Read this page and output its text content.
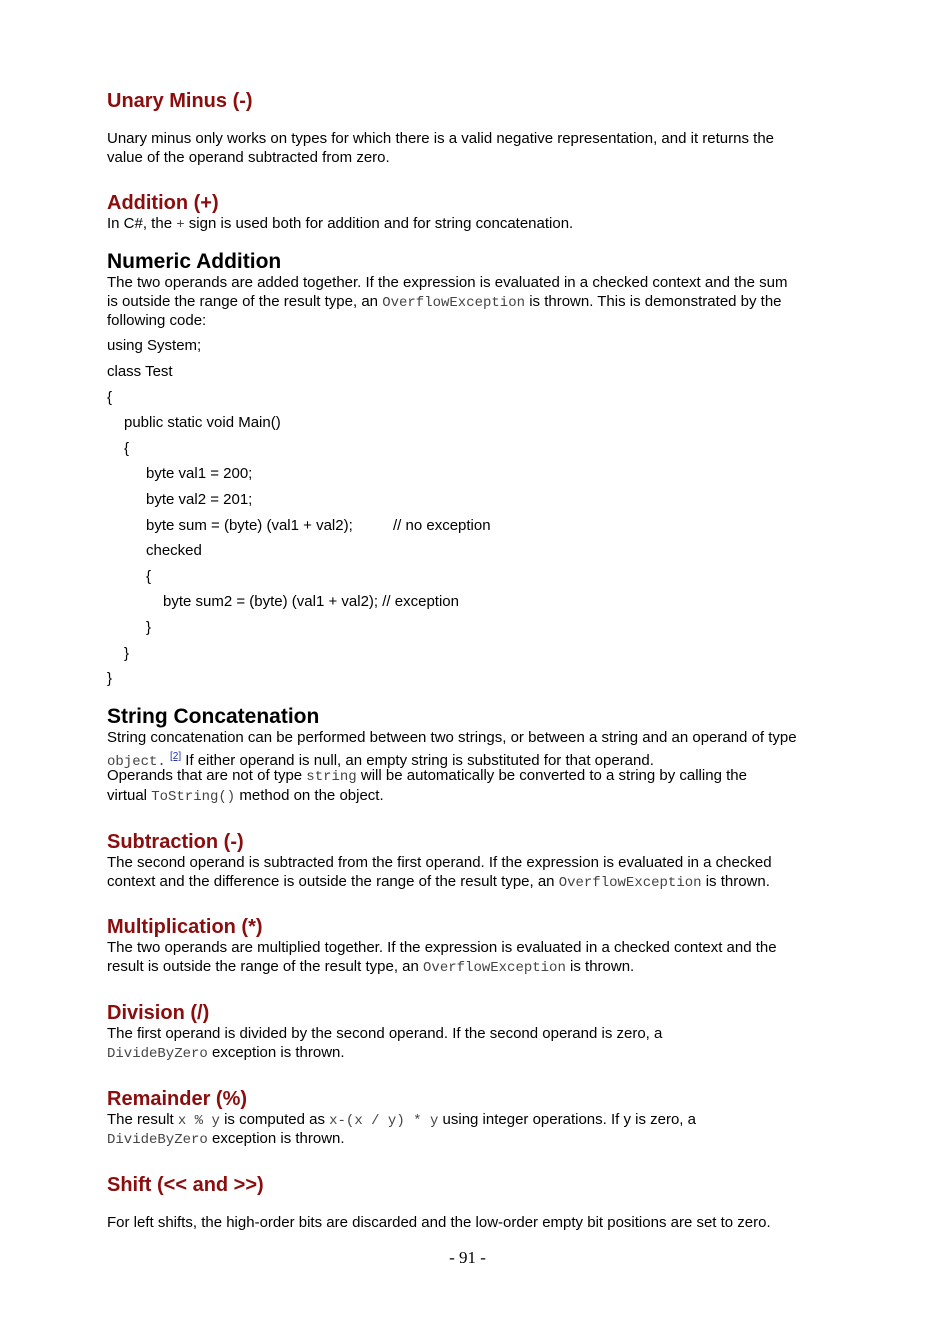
Unary Minus (-)
Unary minus only works on types for which there is a valid negative representation, and it returns the
value of the operand subtracted from zero.
Addition (+)
In C#, the + sign is used both for addition and for string concatenation.
Numeric Addition
The two operands are added together. If the expression is evaluated in a checked context and the sum
is outside the range of the result type, an OverflowException is thrown. This is demonstrated by the
following code:
using System;
class Test
{
public static void Main()
{
byte val1 = 200;
byte val2 = 201;
byte sum = (byte) (val1 + val2);	// no exception
checked
{
byte sum2 = (byte) (val1 + val2); // exception
}
}
}
String Concatenation
String concatenation can be performed between two strings, or between a string and an operand of type
object. [2] If either operand is null, an empty string is substituted for that operand.
Operands that are not of type string will be automatically be converted to a string by calling the
virtual ToString() method on the object.
Subtraction (-)
The second operand is subtracted from the first operand. If the expression is evaluated in a checked
context and the difference is outside the range of the result type, an OverflowException is thrown.
Multiplication (*)
The two operands are multiplied together. If the expression is evaluated in a checked context and the
result is outside the range of the result type, an OverflowException is thrown.
Division (/)
The first operand is divided by the second operand. If the second operand is zero, a
DivideByZero exception is thrown.
Remainder (%)
The result x % y is computed as x-(x / y) * y using integer operations. If y is zero, a
DivideByZero exception is thrown.
Shift (<< and >>)
For left shifts, the high-order bits are discarded and the low-order empty bit positions are set to zero.
- 91 -
